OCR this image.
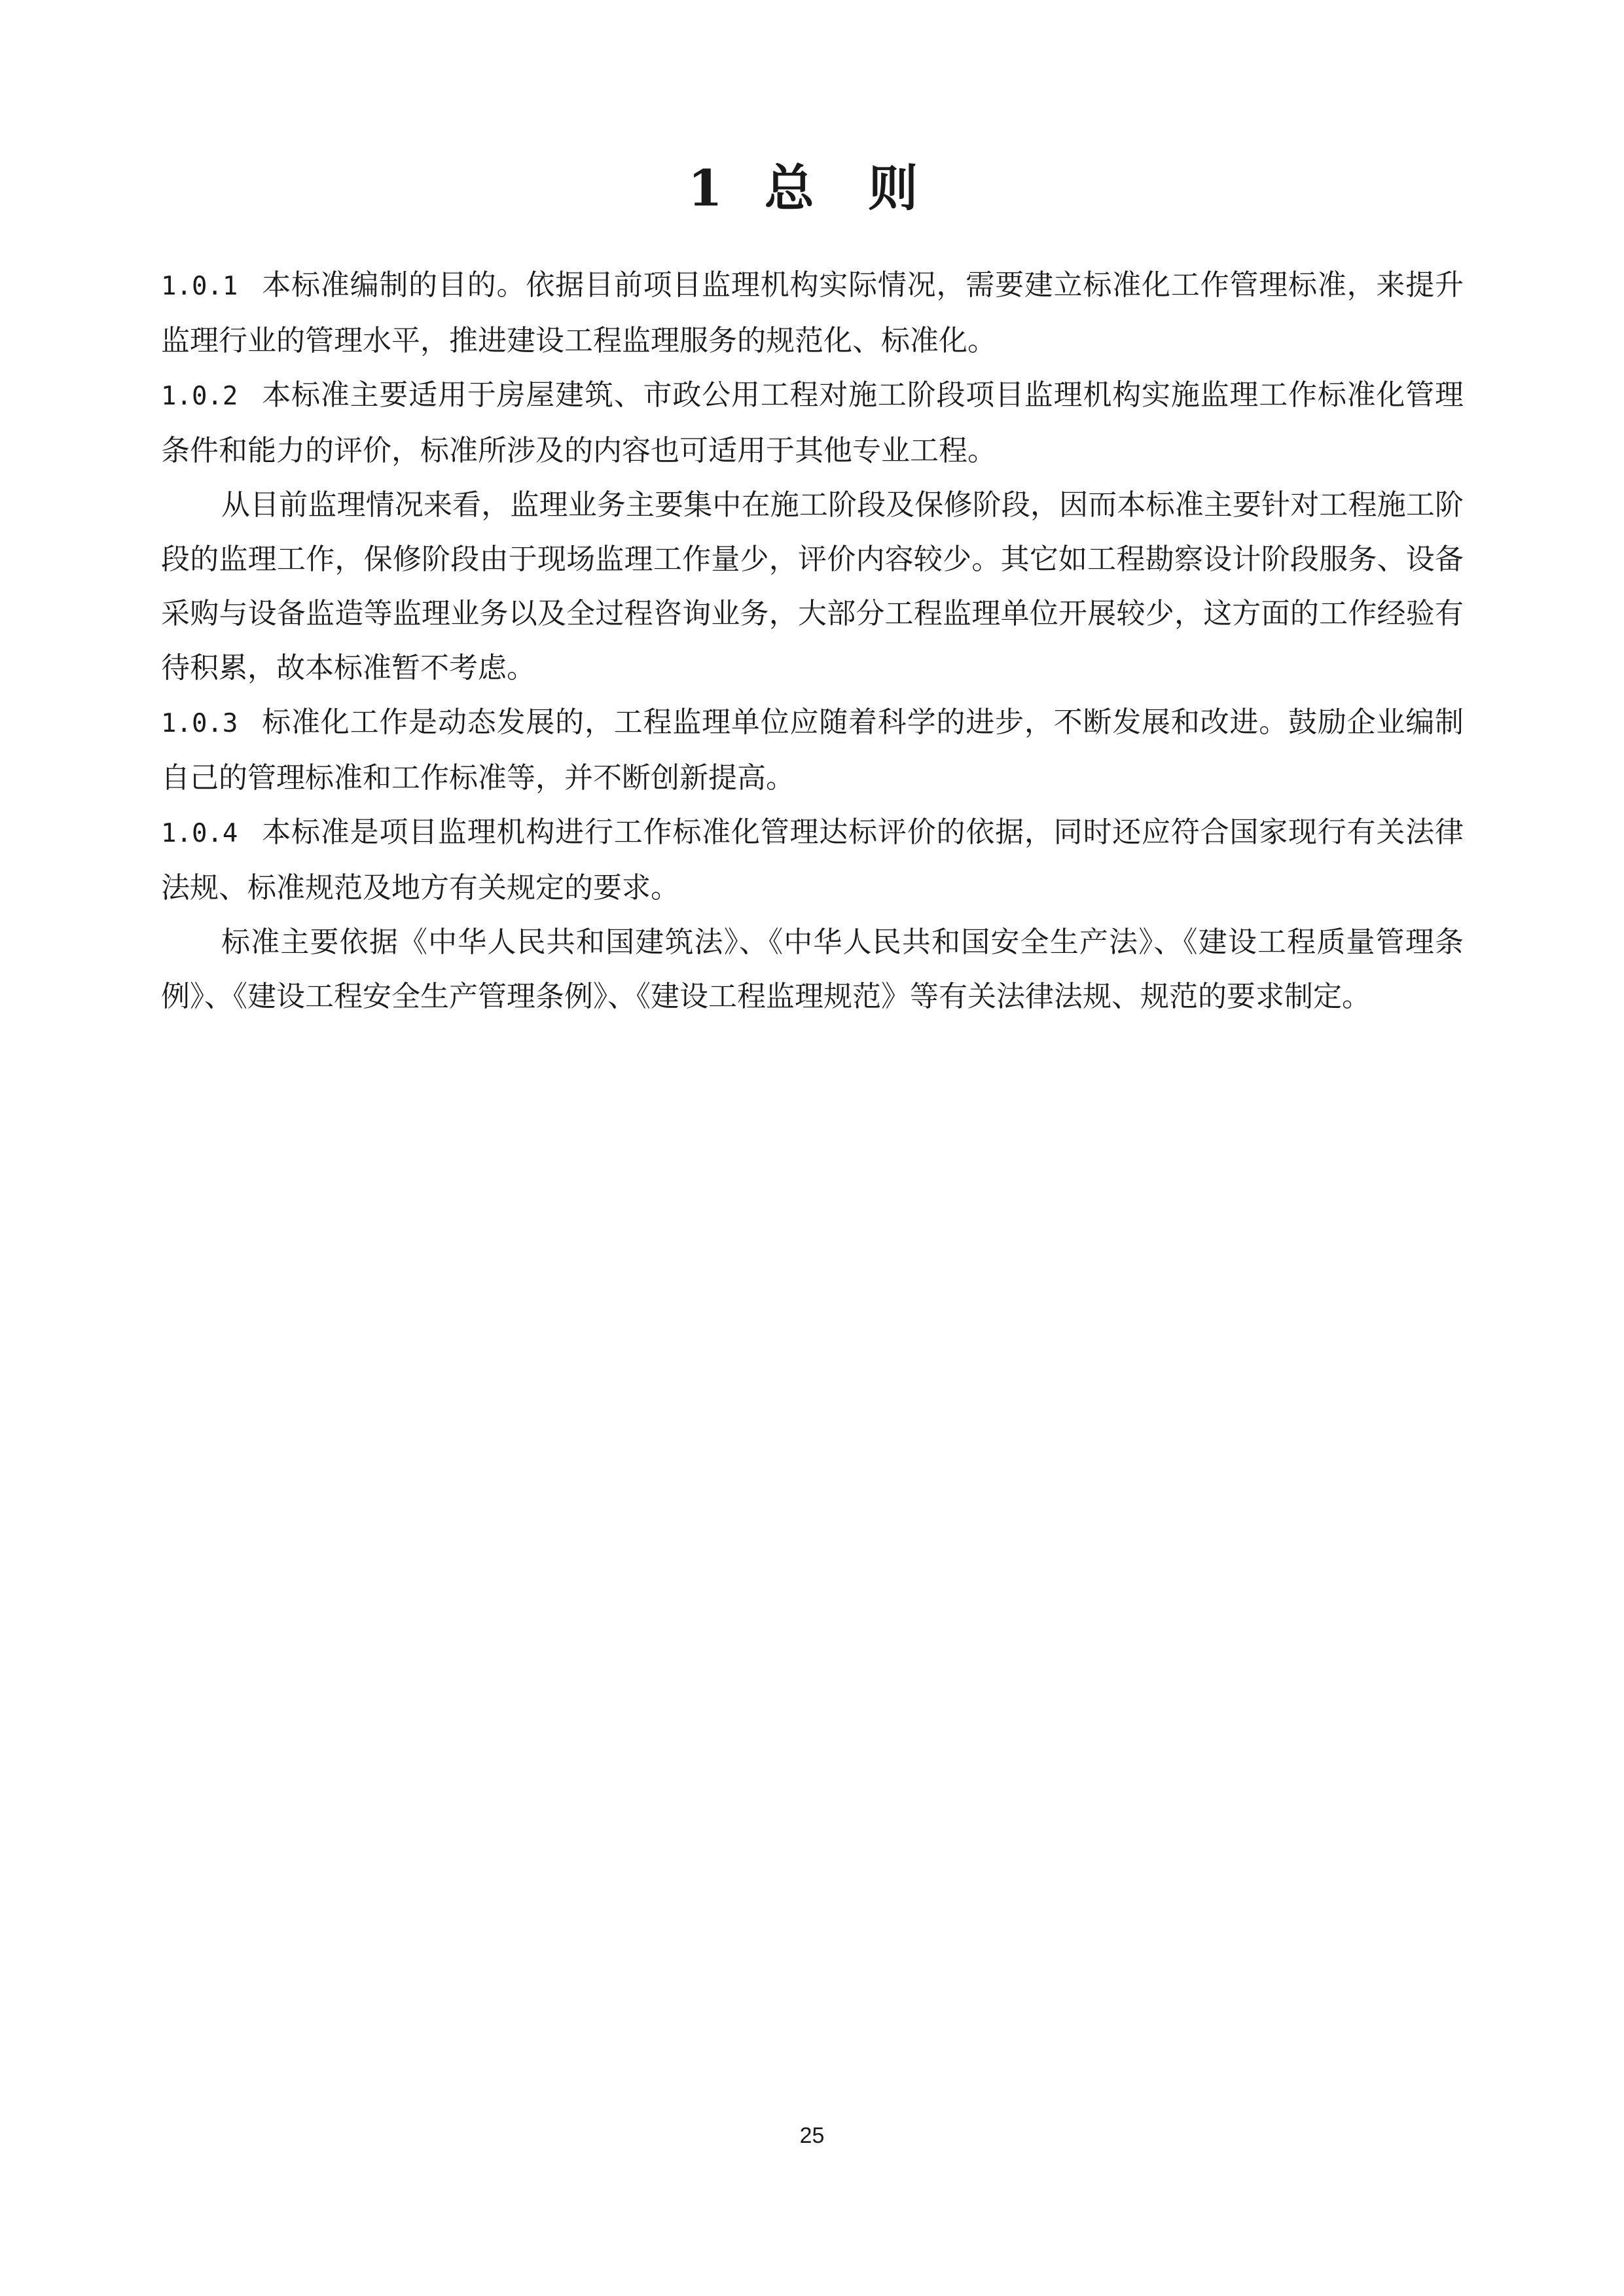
1 总 则

1.0.1 本标准编制的目的。依据目前项目监理机构实际情况，需要建立标准化工作管理标准，来提升监理行业的管理水平，推进建设工程监理服务的规范化、标准化。

1.0.2 本标准主要适用于房屋建筑、市政公用工程对施工阶段项目监理机构实施监理工作标准化管理条件和能力的评价，标准所涉及的内容也可适用于其他专业工程。

从目前监理情况来看，监理业务主要集中在施工阶段及保修阶段，因而本标准主要针对工程施工阶段的监理工作，保修阶段由于现场监理工作量少，评价内容较少。其它如工程勘察设计阶段服务、设备采购与设备监造等监理业务以及全过程咨询业务，大部分工程监理单位开展较少，这方面的工作经验有待积累，故本标准暂不考虑。

1.0.3 标准化工作是动态发展的，工程监理单位应随着科学的进步，不断发展和改进。鼓励企业编制自己的管理标准和工作标准等，并不断创新提高。

1.0.4 本标准是项目监理机构进行工作标准化管理达标评价的依据，同时还应符合国家现行有关法律法规、标准规范及地方有关规定的要求。

标准主要依据《中华人民共和国建筑法》、《中华人民共和国安全生产法》、《建设工程质量管理条例》、《建设工程安全生产管理条例》、《建设工程监理规范》等有关法律法规、规范的要求制定。

25
